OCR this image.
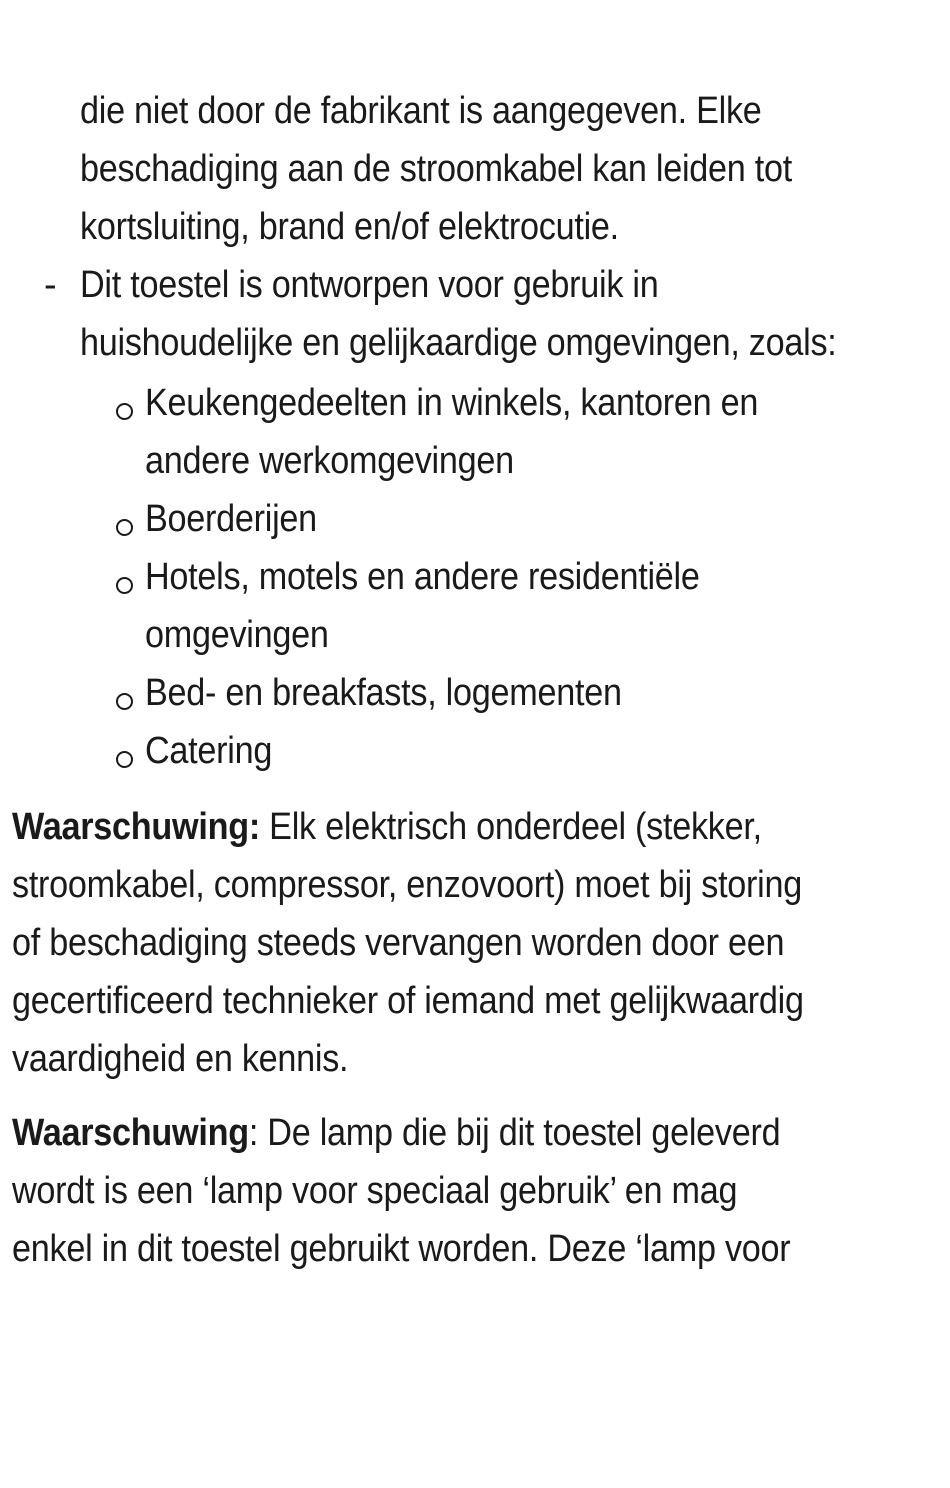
die niet door de fabrikant is aangegeven. Elke
beschadiging aan de stroomkabel kan leiden tot
kortsluiting, brand en/of elektrocutie.
- Dit toestel is ontworpen voor gebruik in
huishoudelijke en gelijkaardige omgevingen, zoals:
Keukengedeelten in winkels, kantoren en
andere werkomgevingen
Boerderijen
Hotels, motels en andere residentiële
omgevingen
Bed- en breakfasts, logementen
Catering
Waarschuwing: Elk elektrisch onderdeel (stekker,
stroomkabel, compressor, enzovoort) moet bij storing
of beschadiging steeds vervangen worden door een
gecertificeerd technieker of iemand met gelijkwaardig
vaardigheid en kennis.
Waarschuwing: De lamp die bij dit toestel geleverd
wordt is een ‘lamp voor speciaal gebruik’ en mag
enkel in dit toestel gebruikt worden. Deze ‘lamp voor
